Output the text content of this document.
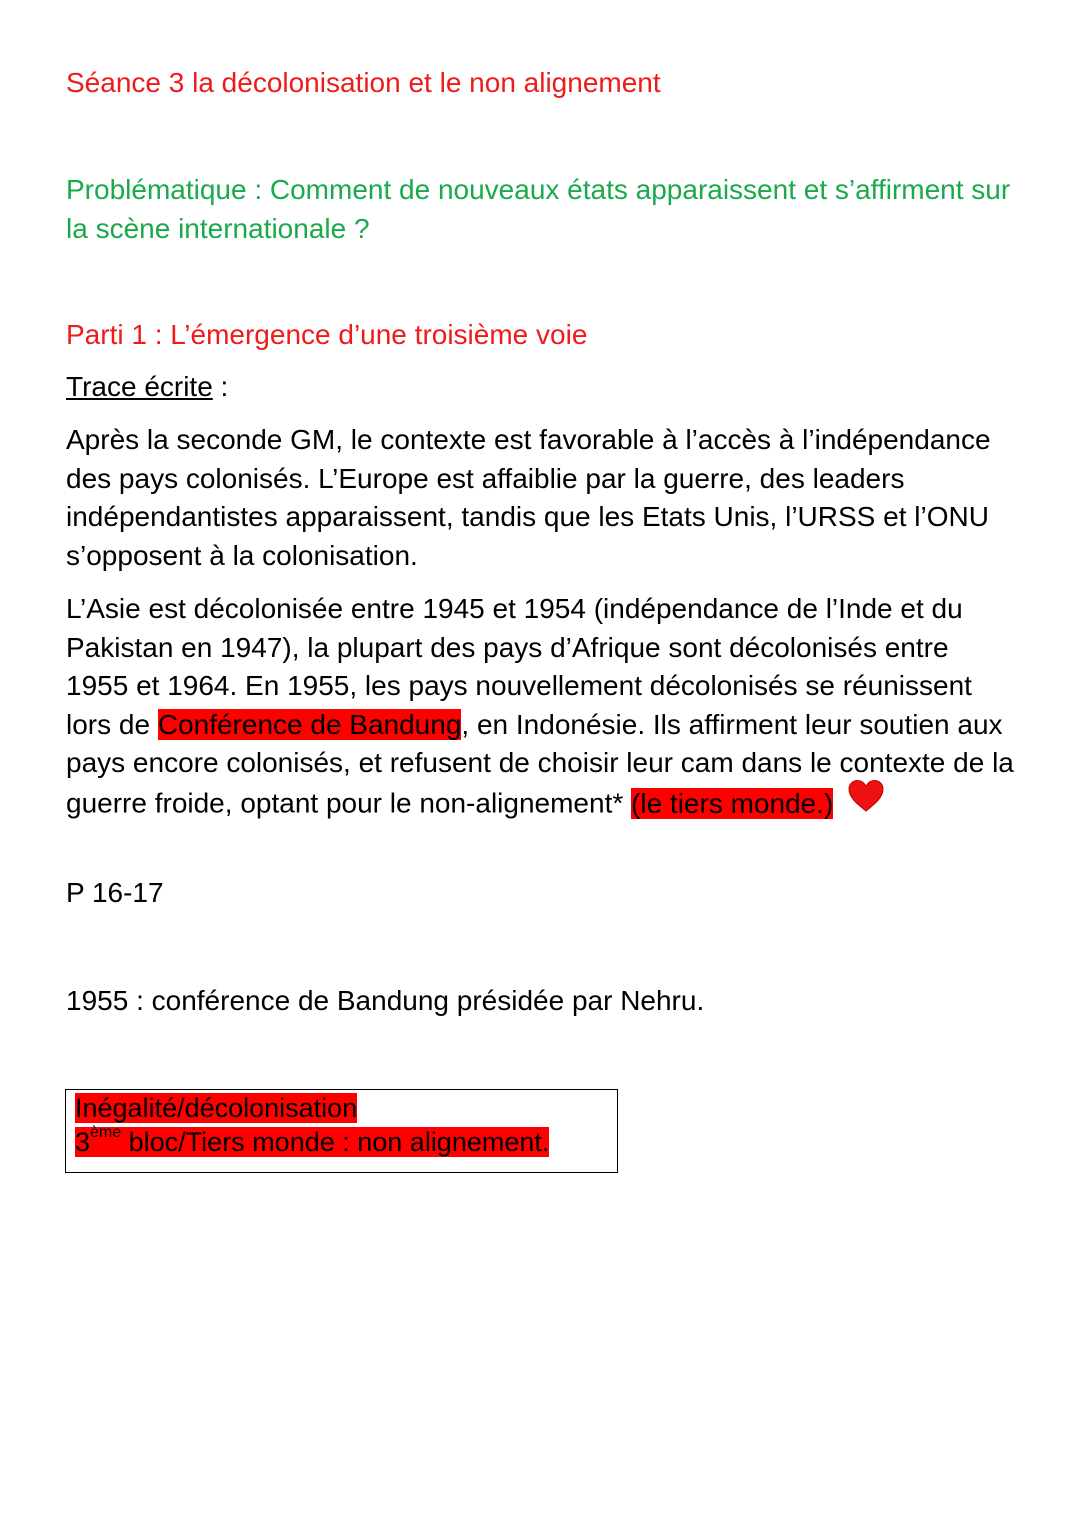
Séance 3 la décolonisation et le non alignement
Problématique : Comment de nouveaux états apparaissent et s’affirment sur la scène internationale ?
Parti 1 : L’émergence d’une troisième voie
Trace écrite :
Après la seconde GM, le contexte est favorable à l’accès à l’indépendance des pays colonisés. L’Europe est affaiblie par la guerre, des leaders indépendantistes apparaissent, tandis que les Etats Unis, l’URSS et l’ONU s’opposent à la colonisation.
L’Asie est décolonisée entre 1945 et 1954 (indépendance de l’Inde et du Pakistan en 1947), la plupart des pays d’Afrique sont décolonisés entre 1955 et 1964. En 1955, les pays nouvellement décolonisés se réunissent lors de Conférence de Bandung, en Indonésie. Ils affirment leur soutien aux pays encore colonisés, et refusent de choisir leur cam dans le contexte de la guerre froide, optant pour le non-alignement* (le tiers monde.)
P 16-17
1955 : conférence de Bandung présidée par Nehru.
Inégalité/décolonisation
3ème bloc/Tiers monde : non alignement.
